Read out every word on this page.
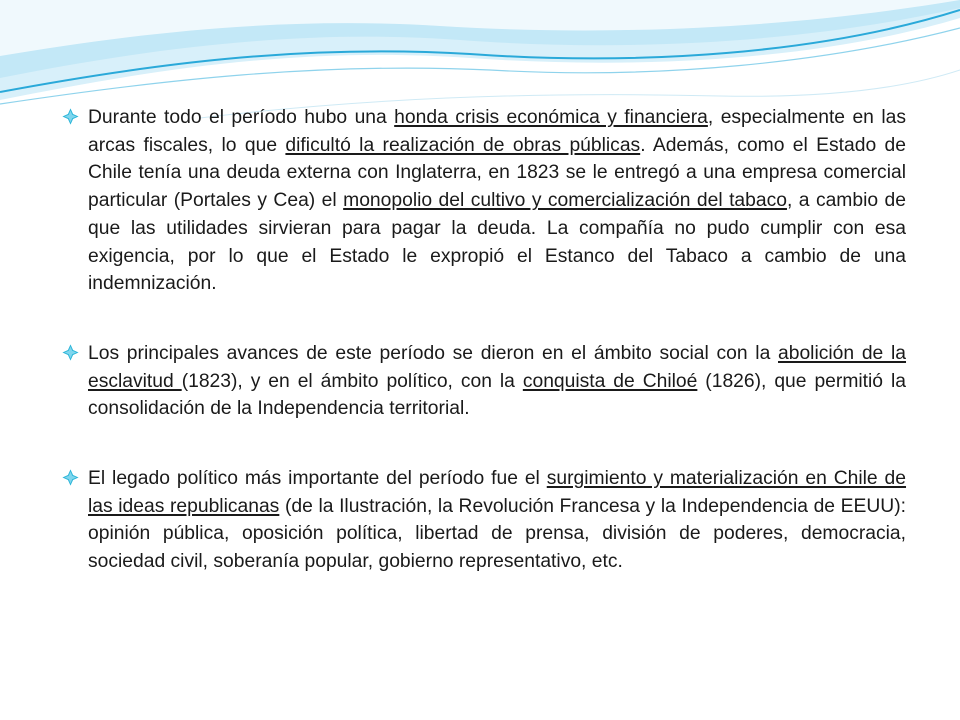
Durante todo el período hubo una honda crisis económica y financiera, especialmente en las arcas fiscales, lo que dificultó la realización de obras públicas. Además, como el Estado de Chile tenía una deuda externa con Inglaterra, en 1823 se le entregó a una empresa comercial particular (Portales y Cea) el monopolio del cultivo y comercialización del tabaco, a cambio de que las utilidades sirvieran para pagar la deuda. La compañía no pudo cumplir con esa exigencia, por lo que el Estado le expropió el Estanco del Tabaco a cambio de una indemnización.

Los principales avances de este período se dieron en el ámbito social con la abolición de la esclavitud (1823), y en el ámbito político, con la conquista de Chiloé (1826), que permitió la consolidación de la Independencia territorial.

El legado político más importante del período fue el surgimiento y materialización en Chile de las ideas republicanas (de la Ilustración, la Revolución Francesa y la Independencia de EEUU): opinión pública, oposición política, libertad de prensa, división de poderes, democracia, sociedad civil, soberanía popular, gobierno representativo, etc.
